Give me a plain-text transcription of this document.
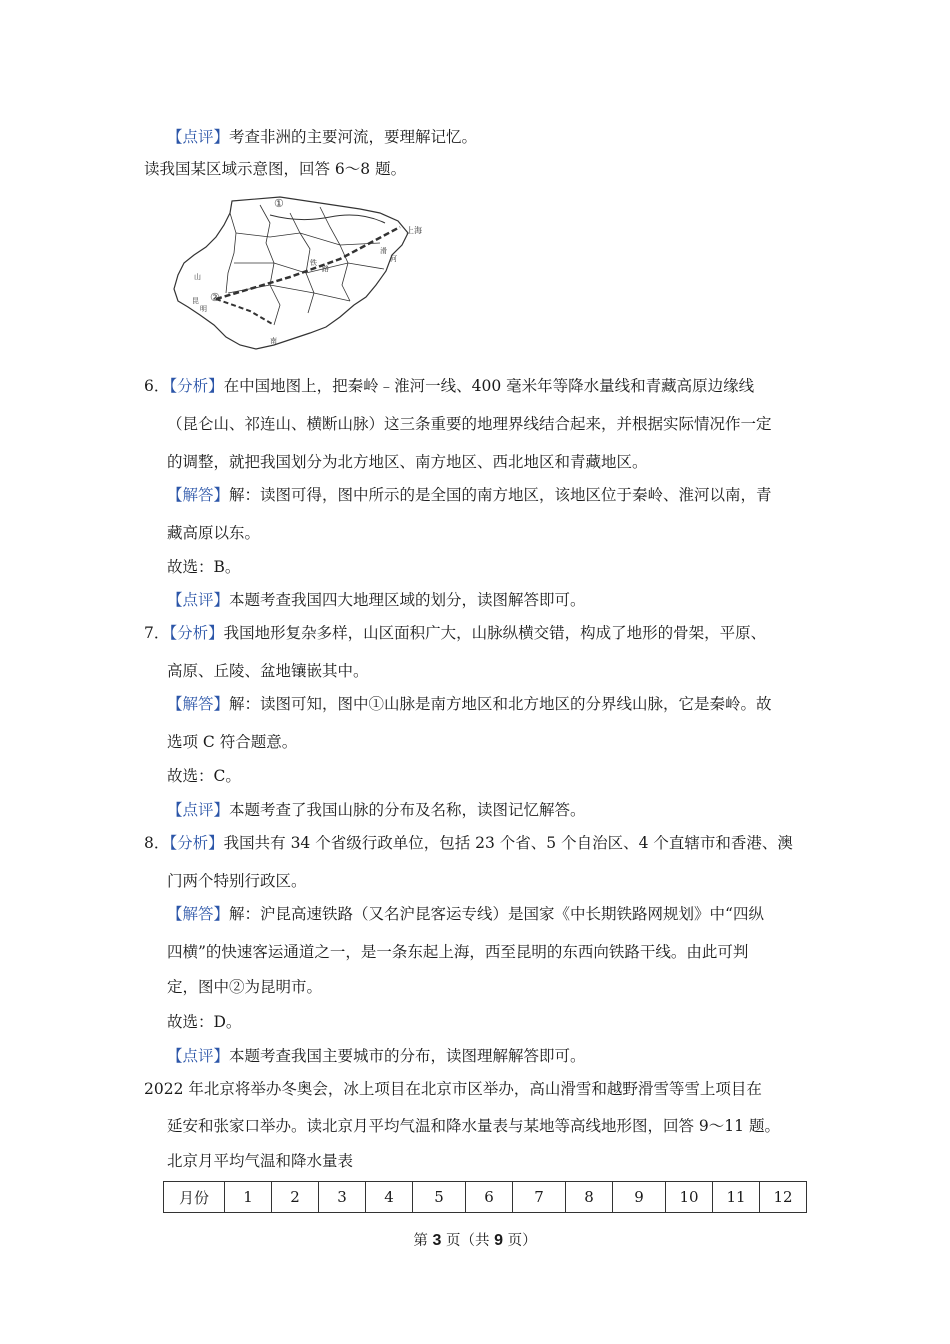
【点评】考查非洲的主要河流，要理解记忆。
读我国某区域示意图，回答 6～8 题。
①
②
上海
滑
河
铁
路
南
山
昆
明
6．【分析】在中国地图上，把秦岭﹣淮河一线、400 毫米年等降水量线和青藏高原边缘线
（昆仑山、祁连山、横断山脉）这三条重要的地理界线结合起来，并根据实际情况作一定
的调整，就把我国划分为北方地区、南方地区、西北地区和青藏地区。
【解答】解：读图可得，图中所示的是全国的南方地区，该地区位于秦岭、淮河以南，青
藏高原以东。
故选：B。
【点评】本题考查我国四大地理区域的划分，读图解答即可。
7．【分析】我国地形复杂多样，山区面积广大，山脉纵横交错，构成了地形的骨架，平原、
高原、丘陵、盆地镶嵌其中。
【解答】解：读图可知，图中①山脉是南方地区和北方地区的分界线山脉，它是秦岭。故
选项 C 符合题意。
故选：C。
【点评】本题考查了我国山脉的分布及名称，读图记忆解答。
8．【分析】我国共有 34 个省级行政单位，包括 23 个省、5 个自治区、4 个直辖市和香港、澳
门两个特别行政区。
【解答】解：沪昆高速铁路（又名沪昆客运专线）是国家《中长期铁路网规划》中“四纵
四横”的快速客运通道之一，是一条东起上海，西至昆明的东西向铁路干线。由此可判
定，图中②为昆明市。
故选：D。
【点评】本题考查我国主要城市的分布，读图理解解答即可。
2022 年北京将举办冬奥会，冰上项目在北京市区举办，高山滑雪和越野滑雪等雪上项目在
延安和张家口举办。读北京月平均气温和降水量表与某地等高线地形图，回答 9～11 题。
北京月平均气温和降水量表
月份	1	2	3	4	5	6	7	8	9	10	11	12
第 3 页（共 9 页）
